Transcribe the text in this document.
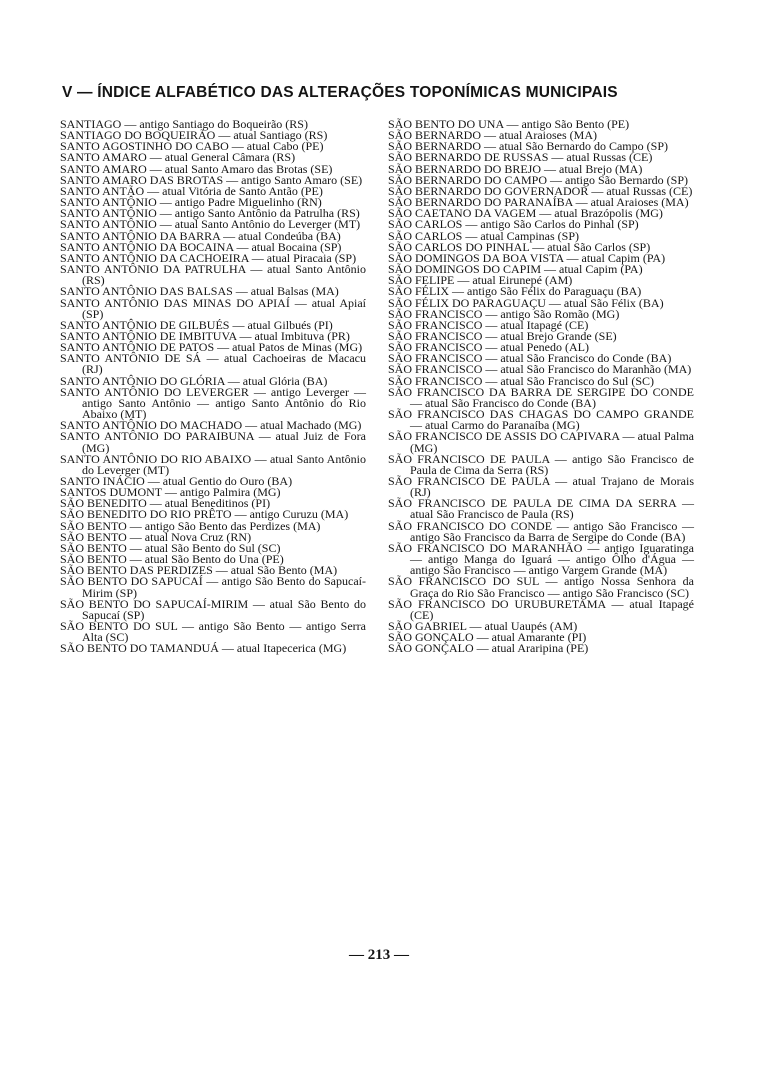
V — ÍNDICE ALFABÉTICO DAS ALTERAÇÕES TOPONÍMICAS MUNICIPAIS

SANTIAGO — antigo Santiago do Boqueirão (RS)

SANTIAGO DO BOQUEIRÃO — atual Santiago (RS)

SANTO AGOSTINHO DO CABO — atual Cabo (PE)

SANTO AMARO — atual General Câmara (RS)

SANTO AMARO — atual Santo Amaro das Brotas (SE)

SANTO AMARO DAS BROTAS — antigo Santo Amaro (SE)

SANTO ANTÃO — atual Vitória de Santo Antão (PE)

SANTO ANTÔNIO — antigo Padre Miguelinho (RN)

SANTO ANTÔNIO — antigo Santo Antônio da Patrulha (RS)

SANTO ANTÔNIO — atual Santo Antônio do Leverger (MT)

SANTO ANTÔNIO DA BARRA — atual Condeúba (BA)

SANTO ANTÔNIO DA BOCAINA — atual Bocaina (SP)

SANTO ANTÔNIO DA CACHOEIRA — atual Piracaia (SP)

SANTO ANTÔNIO DA PATRULHA — atual Santo Antônio (RS)

SANTO ANTÔNIO DAS BALSAS — atual Balsas (MA)

SANTO ANTÔNIO DAS MINAS DO APIAÍ — atual Apiaí (SP)

SANTO ANTÔNIO DE GILBUÉS — atual Gilbués (PI)

SANTO ANTÔNIO DE IMBITUVA — atual Imbituva (PR)

SANTO ANTÔNIO DE PATOS — atual Patos de Minas (MG)

SANTO ANTÔNIO DE SÁ — atual Cachoeiras de Macacu (RJ)

SANTO ANTÔNIO DO GLÓRIA — atual Glória (BA)

SANTO ANTÔNIO DO LEVERGER — antigo Leverger — antigo Santo Antônio — antigo Santo Antônio do Rio Abaixo (MT)

SANTO ANTÔNIO DO MACHADO — atual Machado (MG)

SANTO ANTÔNIO DO PARAIBUNA — atual Juiz de Fora (MG)

SANTO ANTÔNIO DO RIO ABAIXO — atual Santo Antônio do Leverger (MT)

SANTO INÁCIO — atual Gentio do Ouro (BA)

SANTOS DUMONT — antigo Palmira (MG)

SÃO BENEDITO — atual Beneditinos (PI)

SÃO BENEDITO DO RIO PRÊTO — antigo Curuzu (MA)

SÃO BENTO — antigo São Bento das Perdizes (MA)

SÃO BENTO — atual Nova Cruz (RN)

SÃO BENTO — atual São Bento do Sul (SC)

SÃO BENTO — atual São Bento do Una (PE)

SÃO BENTO DAS PERDIZES — atual São Bento (MA)

SÃO BENTO DO SAPUCAÍ — antigo São Bento do Sapucaí-Mirim (SP)

SÃO BENTO DO SAPUCAÍ-MIRIM — atual São Bento do Sapucaí (SP)

SÃO BENTO DO SUL — antigo São Bento — antigo Serra Alta (SC)

SÃO BENTO DO TAMANDUÁ — atual Itapecerica (MG)

SÃO BENTO DO UNA — antigo São Bento (PE)

SÃO BERNARDO — atual Araioses (MA)

SÃO BERNARDO — atual São Bernardo do Campo (SP)

SÃO BERNARDO DE RUSSAS — atual Russas (CE)

SÃO BERNARDO DO BREJO — atual Brejo (MA)

SÃO BERNARDO DO CAMPO — antigo São Bernardo (SP)

SÃO BERNARDO DO GOVERNADOR — atual Russas (CE)

SÃO BERNARDO DO PARANAÍBA — atual Araioses (MA)

SÃO CAETANO DA VAGEM — atual Brazópolis (MG)

SÃO CARLOS — antigo São Carlos do Pinhal (SP)

SÃO CARLOS — atual Campinas (SP)

SÃO CARLOS DO PINHAL — atual São Carlos (SP)

SÃO DOMINGOS DA BOA VISTA — atual Capim (PA)

SÃO DOMINGOS DO CAPIM — atual Capim (PA)

SÃO FELIPE — atual Eirunepé (AM)

SÃO FÉLIX — antigo São Félix do Paraguaçu (BA)

SÃO FÉLIX DO PARAGUAÇU — atual São Félix (BA)

SÃO FRANCISCO — antigo São Romão (MG)

SÃO FRANCISCO — atual Itapagé (CE)

SÃO FRANCISCO — atual Brejo Grande (SE)

SÃO FRANCISCO — atual Penedo (AL)

SÃO FRANCISCO — atual São Francisco do Conde (BA)

SÃO FRANCISCO — atual São Francisco do Maranhão (MA)

SÃO FRANCISCO — atual São Francisco do Sul (SC)

SÃO FRANCISCO DA BARRA DE SERGIPE DO CONDE — atual São Francisco do Conde (BA)

SÃO FRANCISCO DAS CHAGAS DO CAMPO GRANDE — atual Carmo do Paranaíba (MG)

SÃO FRANCISCO DE ASSIS DO CAPIVARA — atual Palma (MG)

SÃO FRANCISCO DE PAULA — antigo São Francisco de Paula de Cima da Serra (RS)

SÃO FRANCISCO DE PAULA — atual Trajano de Morais (RJ)

SÃO FRANCISCO DE PAULA DE CIMA DA SERRA — atual São Francisco de Paula (RS)

SÃO FRANCISCO DO CONDE — antigo São Francisco — antigo São Francisco da Barra de Sergipe do Conde (BA)

SÃO FRANCISCO DO MARANHÃO — antigo Iguaratinga — antigo Manga do Iguará — antigo Ôlho d'Água — antigo São Francisco — antigo Vargem Grande (MA)

SÃO FRANCISCO DO SUL — antigo Nossa Senhora da Graça do Rio São Francisco — antigo São Francisco (SC)

SÃO FRANCISCO DO URUBURETAMA — atual Itapagé (CE)

SÃO GABRIEL — atual Uaupés (AM)

SÃO GONÇALO — atual Amarante (PI)

SÃO GONÇALO — atual Araripina (PE)

— 213 —
